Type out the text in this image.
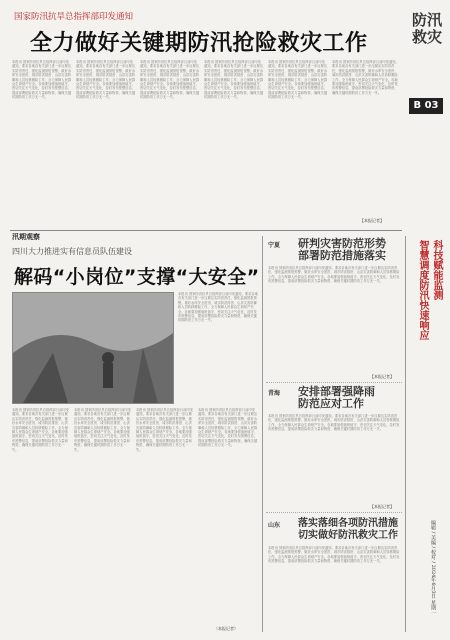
国家防汛抗旱总指挥部印发通知
全力做好关键期防汛抢险救灾工作
防汛救灾
B 03
本报讯 国家防汛抗旱总指挥部日前印发通知，要求各地各有关部门进一步压紧压实防汛责任，强化监测预报预警，做好水库安全度汛、城市防洪排涝、山洪灾害防御和人员转移避险工作，全力保障人民群众生命财产安全。各地要加强值班值守，密切关注天气变化，及时发布预警信息，提前部署抢险救灾力量和物资，确保关键时期防汛工作万无一失。
本报讯 国家防汛抗旱总指挥部日前印发通知，要求各地各有关部门进一步压紧压实防汛责任，强化监测预报预警，做好水库安全度汛、城市防洪排涝、山洪灾害防御和人员转移避险工作，全力保障人民群众生命财产安全。各地要加强值班值守，密切关注天气变化，及时发布预警信息，提前部署抢险救灾力量和物资，确保关键时期防汛工作万无一失。
本报讯 国家防汛抗旱总指挥部日前印发通知，要求各地各有关部门进一步压紧压实防汛责任，强化监测预报预警，做好水库安全度汛、城市防洪排涝、山洪灾害防御和人员转移避险工作，全力保障人民群众生命财产安全。各地要加强值班值守，密切关注天气变化，及时发布预警信息，提前部署抢险救灾力量和物资，确保关键时期防汛工作万无一失。
本报讯 国家防汛抗旱总指挥部日前印发通知，要求各地各有关部门进一步压紧压实防汛责任，强化监测预报预警，做好水库安全度汛、城市防洪排涝、山洪灾害防御和人员转移避险工作，全力保障人民群众生命财产安全。各地要加强值班值守，密切关注天气变化，及时发布预警信息，提前部署抢险救灾力量和物资，确保关键时期防汛工作万无一失。
本报讯 国家防汛抗旱总指挥部日前印发通知，要求各地各有关部门进一步压紧压实防汛责任，强化监测预报预警，做好水库安全度汛、城市防洪排涝、山洪灾害防御和人员转移避险工作，全力保障人民群众生命财产安全。各地要加强值班值守，密切关注天气变化，及时发布预警信息，提前部署抢险救灾力量和物资，确保关键时期防汛工作万无一失。
本报讯 国家防汛抗旱总指挥部日前印发通知，要求各地各有关部门进一步压紧压实防汛责任，强化监测预报预警，做好水库安全度汛、城市防洪排涝、山洪灾害防御和人员转移避险工作，全力保障人民群众生命财产安全。各地要加强值班值守，密切关注天气变化，及时发布预警信息，提前部署抢险救灾力量和物资，确保关键时期防汛工作万无一失。
【本报记者】
汛期观察
四川大力推进实有信息员队伍建设
解码“小岗位”支撑“大安全”
本报讯 国家防汛抗旱总指挥部日前印发通知，要求各地各有关部门进一步压紧压实防汛责任，强化监测预报预警，做好水库安全度汛、城市防洪排涝、山洪灾害防御和人员转移避险工作，全力保障人民群众生命财产安全。各地要加强值班值守，密切关注天气变化，及时发布预警信息，提前部署抢险救灾力量和物资，确保关键时期防汛工作万无一失。
本报讯 国家防汛抗旱总指挥部日前印发通知，要求各地各有关部门进一步压紧压实防汛责任，强化监测预报预警，做好水库安全度汛、城市防洪排涝、山洪灾害防御和人员转移避险工作，全力保障人民群众生命财产安全。各地要加强值班值守，密切关注天气变化，及时发布预警信息，提前部署抢险救灾力量和物资，确保关键时期防汛工作万无一失。
本报讯 国家防汛抗旱总指挥部日前印发通知，要求各地各有关部门进一步压紧压实防汛责任，强化监测预报预警，做好水库安全度汛、城市防洪排涝、山洪灾害防御和人员转移避险工作，全力保障人民群众生命财产安全。各地要加强值班值守，密切关注天气变化，及时发布预警信息，提前部署抢险救灾力量和物资，确保关键时期防汛工作万无一失。
本报讯 国家防汛抗旱总指挥部日前印发通知，要求各地各有关部门进一步压紧压实防汛责任，强化监测预报预警，做好水库安全度汛、城市防洪排涝、山洪灾害防御和人员转移避险工作，全力保障人民群众生命财产安全。各地要加强值班值守，密切关注天气变化，及时发布预警信息，提前部署抢险救灾力量和物资，确保关键时期防汛工作万无一失。
本报讯 国家防汛抗旱总指挥部日前印发通知，要求各地各有关部门进一步压紧压实防汛责任，强化监测预报预警，做好水库安全度汛、城市防洪排涝、山洪灾害防御和人员转移避险工作，全力保障人民群众生命财产安全。各地要加强值班值守，密切关注天气变化，及时发布预警信息，提前部署抢险救灾力量和物资，确保关键时期防汛工作万无一失。
（本报记者）
宁夏 研判灾害防范形势
部署防范措施落实
本报讯 国家防汛抗旱总指挥部日前印发通知，要求各地各有关部门进一步压紧压实防汛责任，强化监测预报预警，做好水库安全度汛、城市防洪排涝、山洪灾害防御和人员转移避险工作，全力保障人民群众生命财产安全。各地要加强值班值守，密切关注天气变化，及时发布预警信息，提前部署抢险救灾力量和物资，确保关键时期防汛工作万无一失。
【本报记者】
青海 安排部署强降雨
防范应对工作
本报讯 国家防汛抗旱总指挥部日前印发通知，要求各地各有关部门进一步压紧压实防汛责任，强化监测预报预警，做好水库安全度汛、城市防洪排涝、山洪灾害防御和人员转移避险工作，全力保障人民群众生命财产安全。各地要加强值班值守，密切关注天气变化，及时发布预警信息，提前部署抢险救灾力量和物资，确保关键时期防汛工作万无一失。
【本报记者】
山东 落实落细各项防汛措施
切实做好防汛救灾工作
本报讯 国家防汛抗旱总指挥部日前印发通知，要求各地各有关部门进一步压紧压实防汛责任，强化监测预报预警，做好水库安全度汛、城市防洪排涝、山洪灾害防御和人员转移避险工作，全力保障人民群众生命财产安全。各地要加强值班值守，密切关注天气变化，及时发布预警信息，提前部署抢险救灾力量和物资，确保关键时期防汛工作万无一失。
科技赋能监测
智慧调度防汛
快速响应
编辑 / 美编 / 校对 / 2024年6月3日 星期一
